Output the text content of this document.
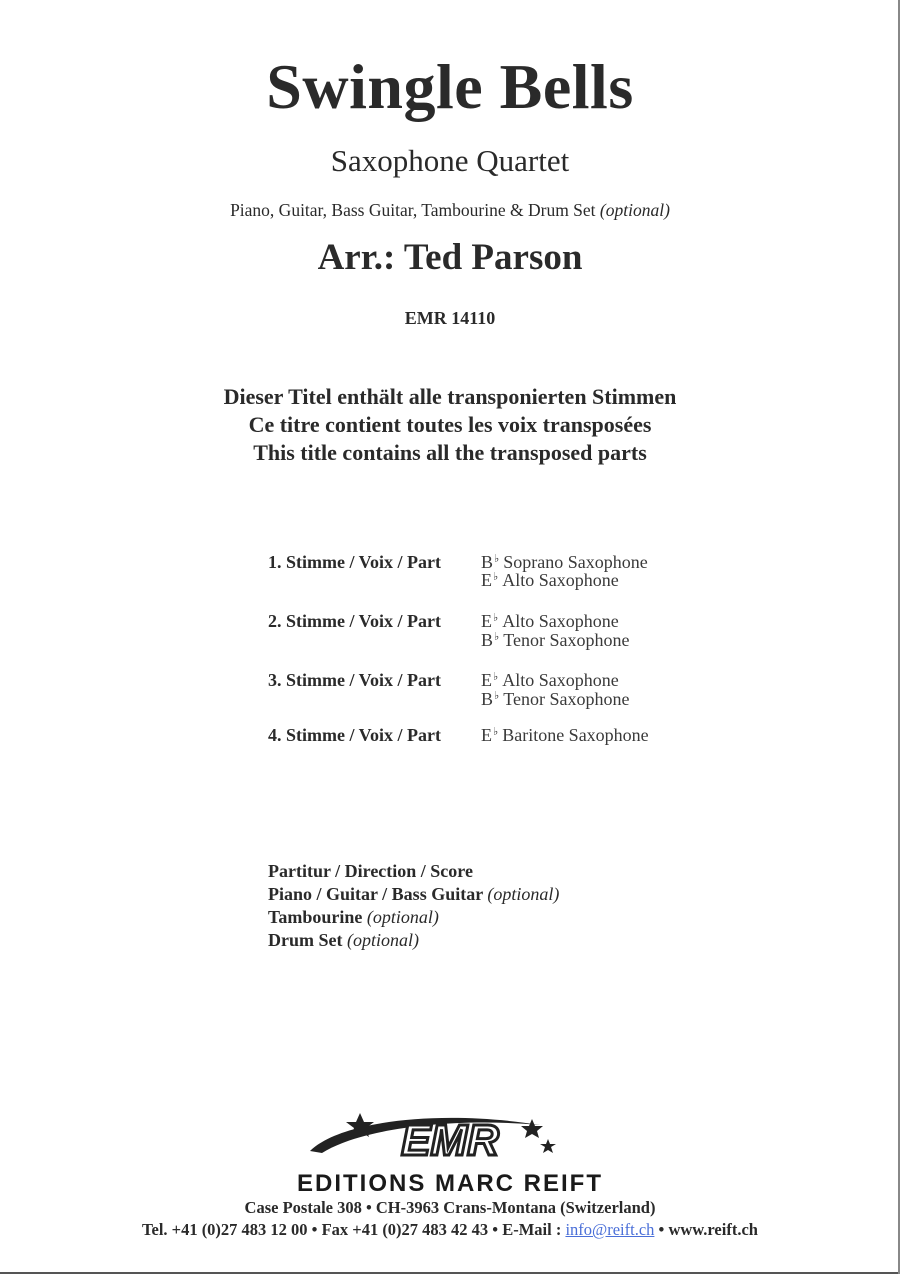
Swingle Bells
Saxophone Quartet
Piano, Guitar, Bass Guitar, Tambourine & Drum Set (optional)
Arr.: Ted Parson
EMR 14110
Dieser Titel enthält alle transponierten Stimmen
Ce titre contient toutes les voix transposées
This title contains all the transposed parts
1. Stimme / Voix / Part B♭ Soprano Saxophone
E♭ Alto Saxophone
2. Stimme / Voix / Part E♭ Alto Saxophone
B♭ Tenor Saxophone
3. Stimme / Voix / Part E♭ Alto Saxophone
B♭ Tenor Saxophone
4. Stimme / Voix / Part E♭ Baritone Saxophone
Partitur / Direction / Score
Piano / Guitar / Bass Guitar (optional)
Tambourine (optional)
Drum Set (optional)
EMR
EDITIONS MARC REIFT
Case Postale 308 • CH-3963 Crans-Montana (Switzerland)
Tel. +41 (0)27 483 12 00 • Fax +41 (0)27 483 42 43 • E-Mail : info@reift.ch • www.reift.ch
